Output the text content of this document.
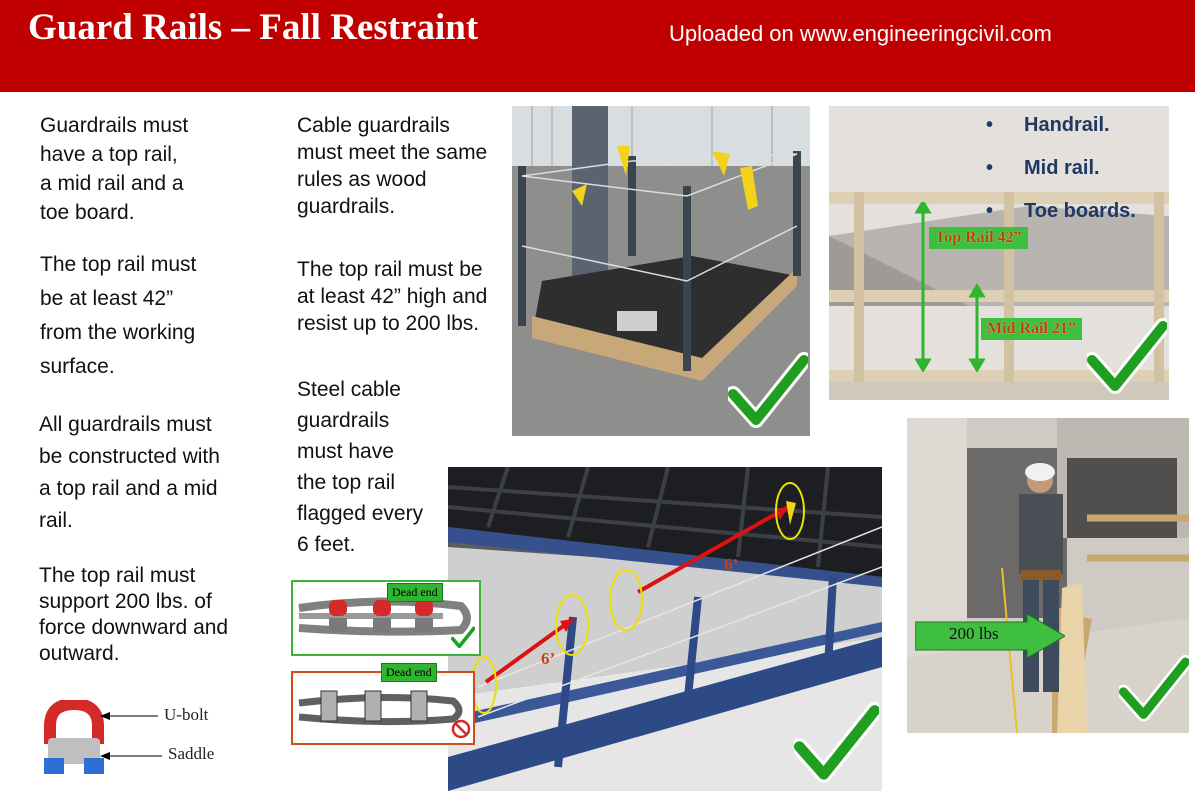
Guard Rails – Fall Restraint	Uploaded on www.engineeringcivil.com
Guardrails must
have a top rail,
a mid rail and a
toe board.
The top rail must
be at least 42”
from the working
surface.
All guardrails must
be constructed with
a top rail and a mid
rail.
The top rail must
support 200 lbs. of
force downward and
outward.
Cable guardrails
must meet the same
rules as wood
guardrails.
The top rail must be
at least 42” high and
resist up to 200 lbs.
Steel cable
guardrails
must have
the top rail
flagged every
6 feet.
• Handrail.
• Mid rail.
• Toe boards.
Top Rail 42”
Mid Rail 21”
200 lbs
6’
6’
Dead end
Dead end
U-bolt
Saddle
